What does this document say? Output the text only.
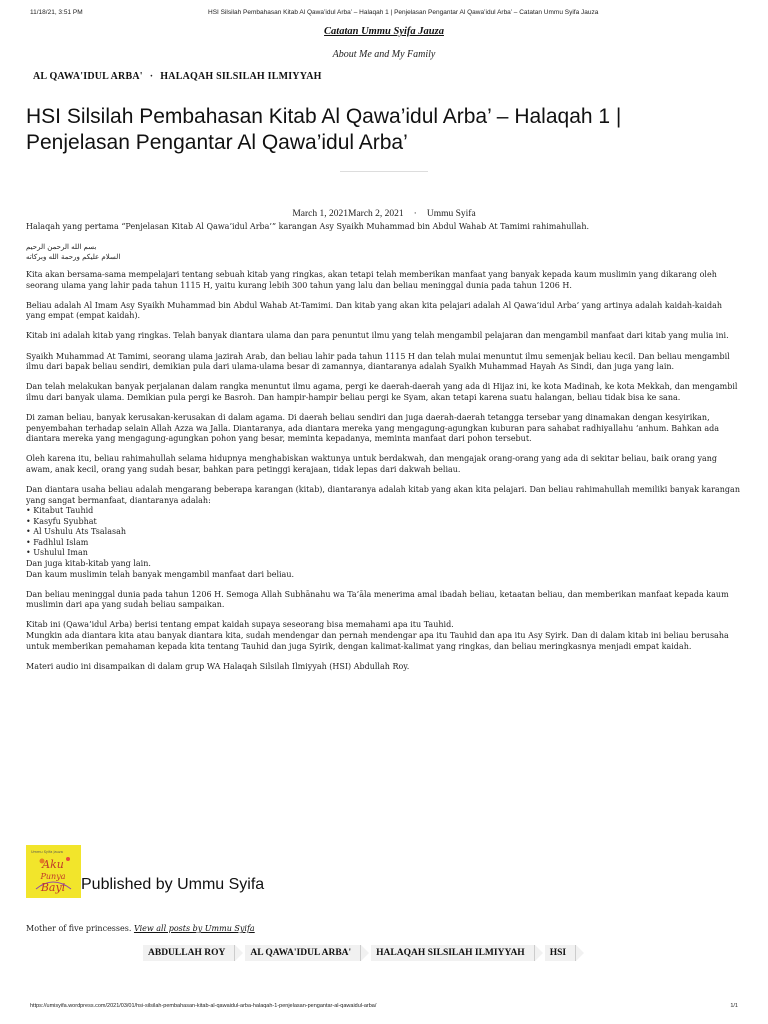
11/18/21, 3:51 PM	HSI Silsilah Pembahasan Kitab Al Qawa’idul Arba’ – Halaqah 1 | Penjelasan Pengantar Al Qawa’idul Arba’ – Catatan Ummu Syifa Jauza
Catatan Ummu Syifa Jauza
About Me and My Family
AL QAWA'IDUL ARBA' · HALAQAH SILSILAH ILMIYYAH
HSI Silsilah Pembahasan Kitab Al Qawa’idul Arba’ – Halaqah 1 | Penjelasan Pengantar Al Qawa’idul Arba’
March 1, 2021March 2, 2021 · Ummu Syifa

Halaqah yang pertama “Penjelasan Kitab Al Qawa’idul Arba’” karangan Asy Syaikh Muhammad bin Abdul Wahab At Tamimi rahimahullah.

بسم الله الرحمن الرحيم
السلام عليكم ورحمة الله وبركاته

Kita akan bersama-sama mempelajari tentang sebuah kitab yang ringkas, akan tetapi telah memberikan manfaat yang banyak kepada kaum muslimin yang dikarang oleh seorang ulama yang lahir pada tahun 1115 H, yaitu kurang lebih 300 tahun yang lalu dan beliau meninggal dunia pada tahun 1206 H.

Beliau adalah Al Imam Asy Syaikh Muhammad bin Abdul Wahab At-Tamimi. Dan kitab yang akan kita pelajari adalah Al Qawa’idul Arba’ yang artinya adalah kaidah-kaidah yang empat (empat kaidah).

Kitab ini adalah kitab yang ringkas. Telah banyak diantara ulama dan para penuntut ilmu yang telah mengambil pelajaran dan mengambil manfaat dari kitab yang mulia ini.

Syaikh Muhammad At Tamimi, seorang ulama jazirah Arab, dan beliau lahir pada tahun 1115 H dan telah mulai menuntut ilmu semenjak beliau kecil. Dan beliau mengambil ilmu dari bapak beliau sendiri, demikian pula dari ulama-ulama besar di zamannya, diantaranya adalah Syaikh Muhammad Hayah As Sindi, dan juga yang lain.

Dan telah melakukan banyak perjalanan dalam rangka menuntut ilmu agama, pergi ke daerah-daerah yang ada di Hijaz ini, ke kota Madinah, ke kota Mekkah, dan mengambil ilmu dari banyak ulama. Demikian pula pergi ke Basroh. Dan hampir-hampir beliau pergi ke Syam, akan tetapi karena suatu halangan, beliau tidak bisa ke sana.

Di zaman beliau, banyak kerusakan-kerusakan di dalam agama. Di daerah beliau sendiri dan juga daerah-daerah tetangga tersebar yang dinamakan dengan kesyirikan, penyembahan terhadap selain Allah Azza wa Jalla. Diantaranya, ada diantara mereka yang mengagung-agungkan kuburan para sahabat radhiyallahu ‘anhum. Bahkan ada diantara mereka yang mengagung-agungkan pohon yang besar, meminta kepadanya, meminta manfaat dari pohon tersebut.

Oleh karena itu, beliau rahimahullah selama hidupnya menghabiskan waktunya untuk berdakwah, dan mengajak orang-orang yang ada di sekitar beliau, baik orang yang awam, anak kecil, orang yang sudah besar, bahkan para petinggi kerajaan, tidak lepas dari dakwah beliau.

Dan diantara usaha beliau adalah mengarang beberapa karangan (kitab), diantaranya adalah kitab yang akan kita pelajari. Dan beliau rahimahullah memiliki banyak karangan yang sangat bermanfaat, diantaranya adalah:
• Kitabut Tauhid
• Kasyfu Syubhat
• Al Ushulu Ats Tsalasah
• Fadhlul Islam
• Ushulul Iman
Dan juga kitab-kitab yang lain.
Dan kaum muslimin telah banyak mengambil manfaat dari beliau.

Dan beliau meninggal dunia pada tahun 1206 H. Semoga Allah Subhānahu wa Ta’āla menerima amal ibadah beliau, ketaatan beliau, dan memberikan manfaat kepada kaum muslimin dari apa yang sudah beliau sampaikan.

Kitab ini (Qawa’idul Arba) berisi tentang empat kaidah supaya seseorang bisa memahami apa itu Tauhid.
Mungkin ada diantara kita atau banyak diantara kita, sudah mendengar dan pernah mendengar apa itu Tauhid dan apa itu Asy Syirk. Dan di dalam kitab ini beliau berusaha untuk memberikan pemahaman kepada kita tentang Tauhid dan juga Syirik, dengan kalimat-kalimat yang ringkas, dan beliau meringkasnya menjadi empat kaidah.

Materi audio ini disampaikan di dalam grup WA Halaqah Silsilah Ilmiyyah (HSI) Abdullah Roy.

Ummu Syifa Jauza
Aku
Punya
Bayi Published by Ummu Syifa
Mother of five princesses. View all posts by Ummu Syifa
ABDULLAH ROY	AL QAWA'IDUL ARBA'	HALAQAH SILSILAH ILMIYYAH	HSI
https://umisyifa.wordpress.com/2021/03/01/hsi-silsilah-pembahasan-kitab-al-qawaidul-arba-halaqah-1-penjelasan-pengantar-al-qawaidul-arba/	1/1
